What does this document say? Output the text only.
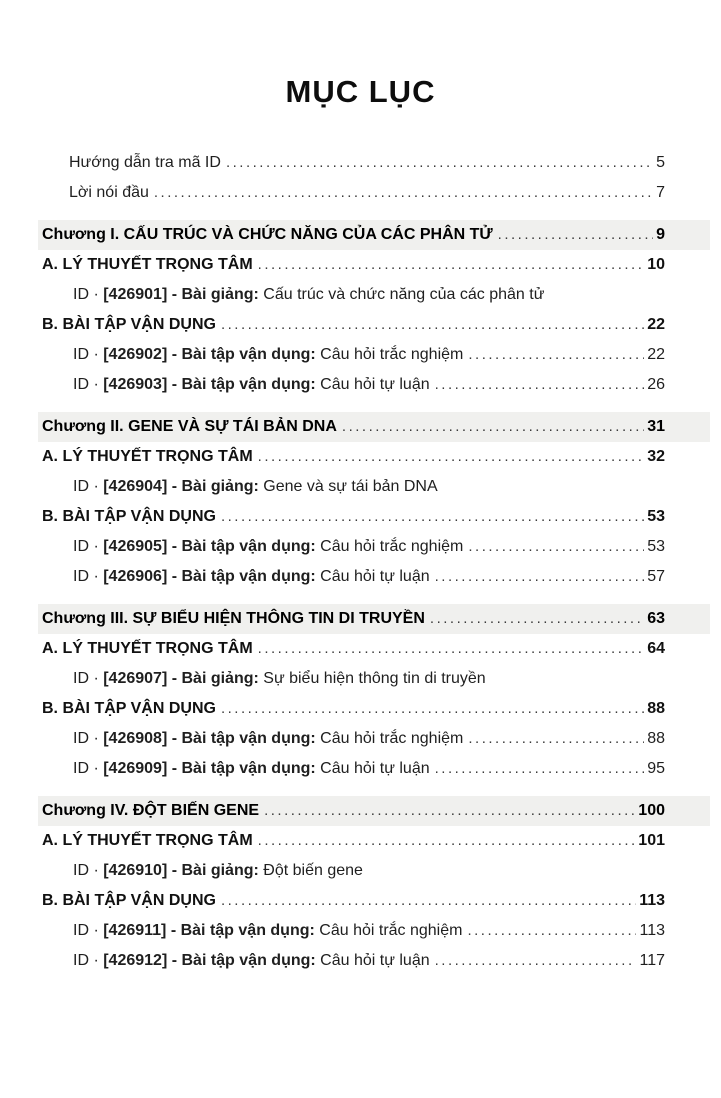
MỤC LỤC
Hướng dẫn tra mã ID .....	5
Lời nói đầu .....	7
Chương I. CẤU TRÚC VÀ CHỨC NĂNG CỦA CÁC PHÂN TỬ .....	9
A. LÝ THUYẾT TRỌNG TÂM .....	10
ID · [426901] - Bài giảng: Cấu trúc và chức năng của các phân tử
B. BÀI TẬP VẬN DỤNG .....	22
ID · [426902] - Bài tập vận dụng: Câu hỏi trắc nghiệm .....	22
ID · [426903] - Bài tập vận dụng: Câu hỏi tự luận .....	26
Chương II. GENE VÀ SỰ TÁI BẢN DNA .....	31
A. LÝ THUYẾT TRỌNG TÂM .....	32
ID · [426904] - Bài giảng: Gene và sự tái bản DNA
B. BÀI TẬP VẬN DỤNG .....	53
ID · [426905] - Bài tập vận dụng: Câu hỏi trắc nghiệm .....	53
ID · [426906] - Bài tập vận dụng: Câu hỏi tự luận .....	57
Chương III. SỰ BIỂU HIỆN THÔNG TIN DI TRUYỀN .....	63
A. LÝ THUYẾT TRỌNG TÂM .....	64
ID · [426907] - Bài giảng: Sự biểu hiện thông tin di truyền
B. BÀI TẬP VẬN DỤNG .....	88
ID · [426908] - Bài tập vận dụng: Câu hỏi trắc nghiệm .....	88
ID · [426909] - Bài tập vận dụng: Câu hỏi tự luận .....	95
Chương IV. ĐỘT BIẾN GENE .....	100
A. LÝ THUYẾT TRỌNG TÂM .....	101
ID · [426910] - Bài giảng: Đột biến gene
B. BÀI TẬP VẬN DỤNG .....	113
ID · [426911] - Bài tập vận dụng: Câu hỏi trắc nghiệm .....	113
ID · [426912] - Bài tập vận dụng: Câu hỏi tự luận .....	117
